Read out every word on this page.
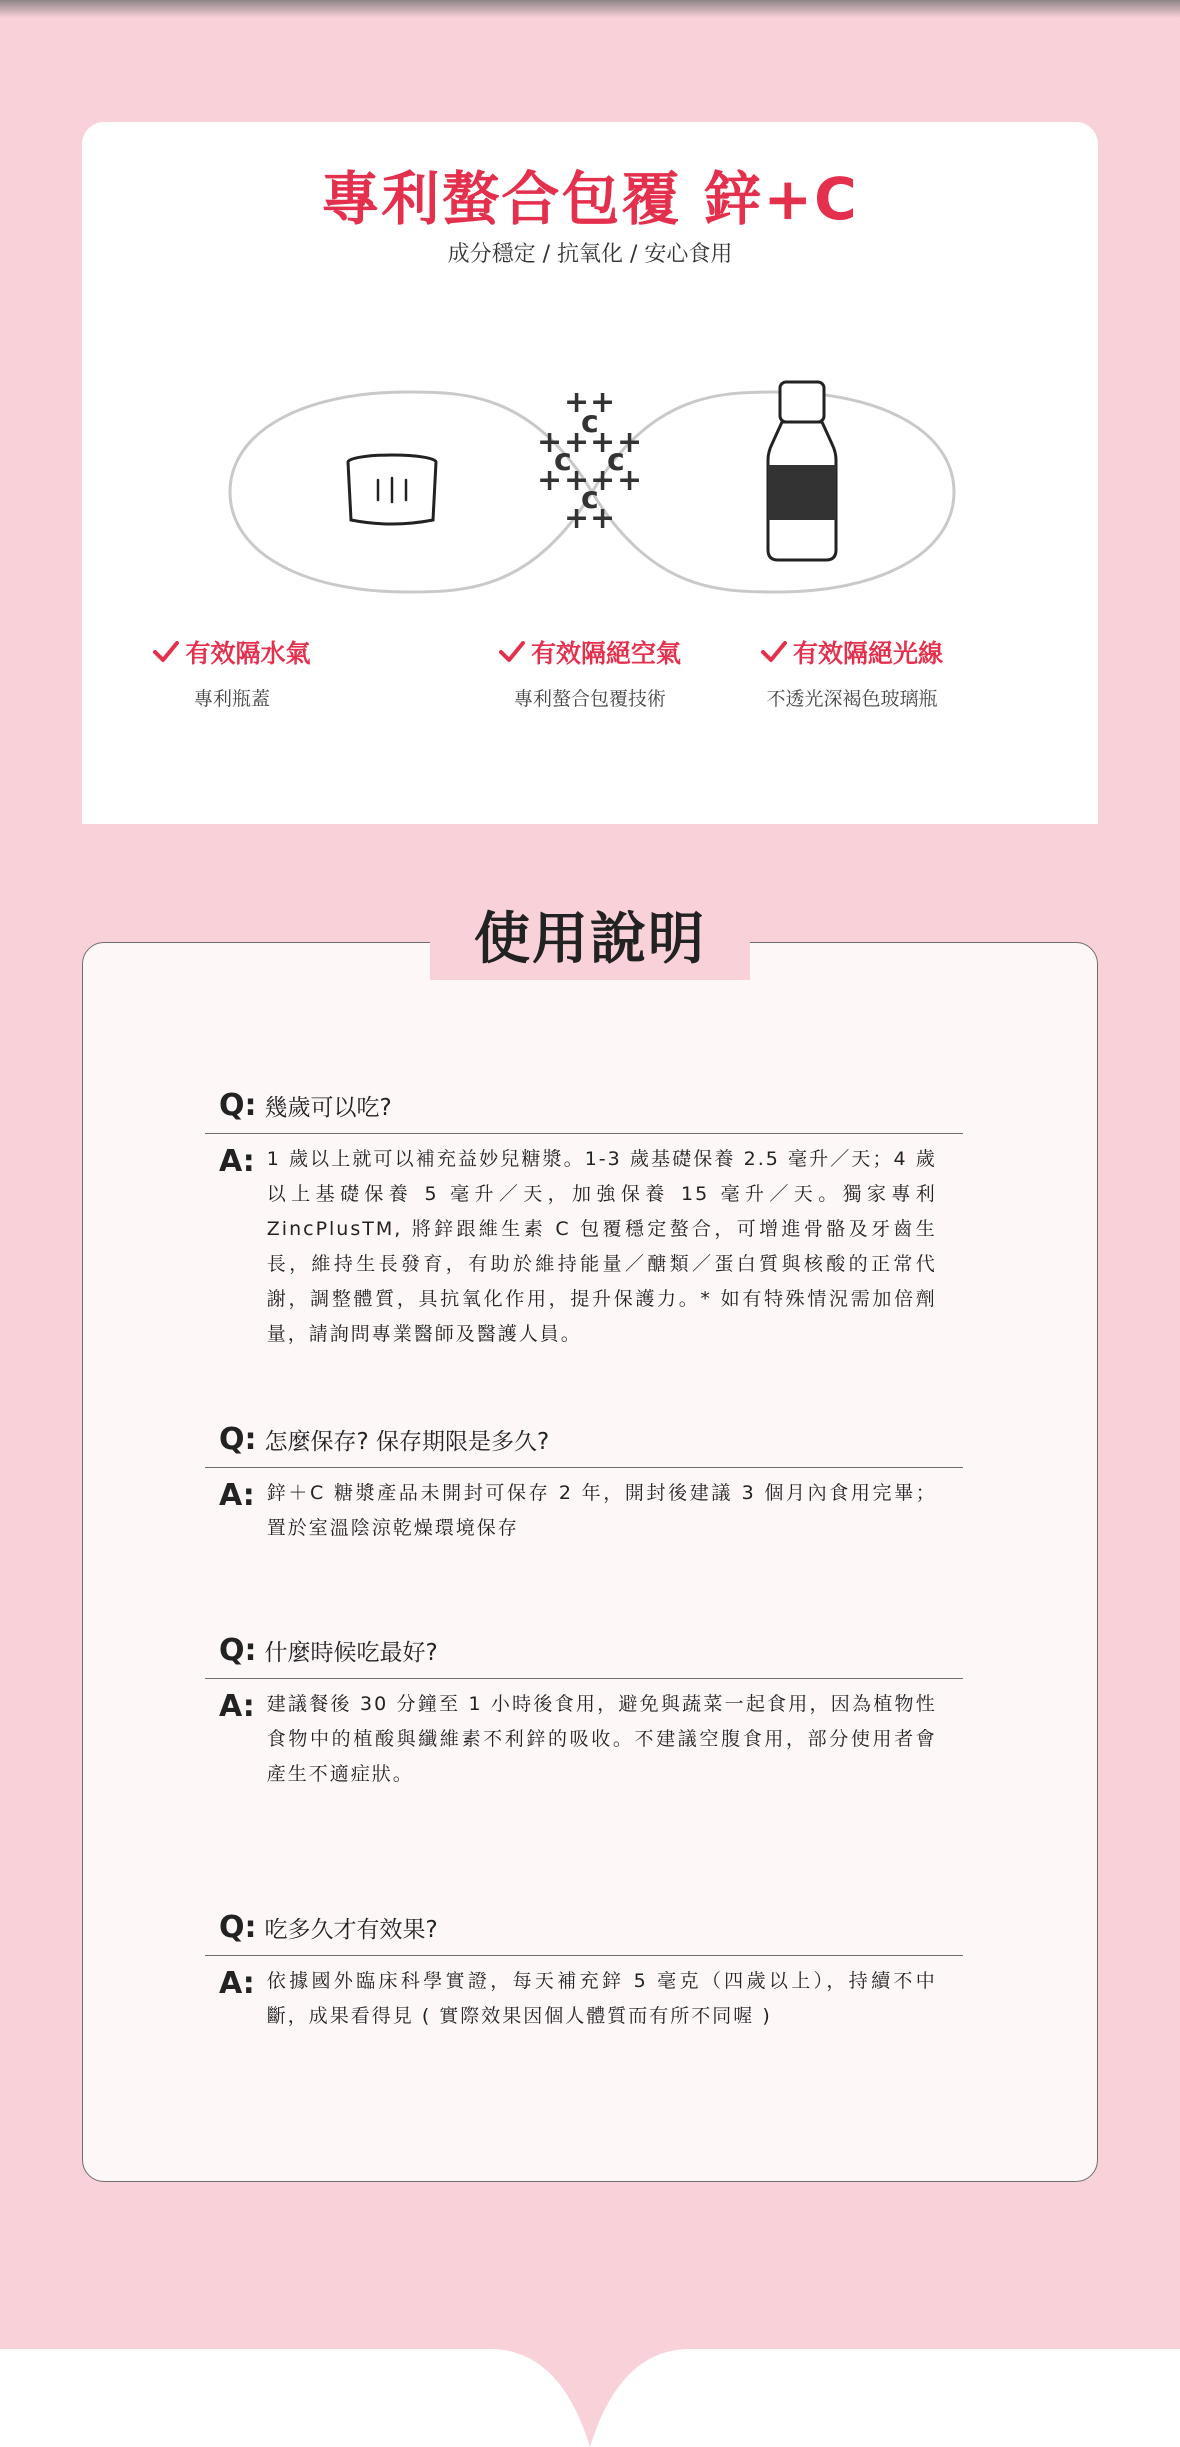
專利螯合包覆 鋅+C
成分穩定 / 抗氧化 / 安心食用
+ +
c
+ + + +
c c
+ + + +
c
+ +
有效隔水氣
專利瓶蓋
有效隔絕空氣
專利螯合包覆技術
有效隔絕光線
不透光深褐色玻璃瓶
使用說明
Q: 幾歲可以吃?
A: 1 歲以上就可以補充益妙兒糖漿。1-3 歲基礎保養 2.5 毫升／天；4 歲以上基礎保養 5 毫升／天，加強保養 15 毫升／天。獨家專利 ZincPlusTM, 將鋅跟維生素 C 包覆穩定螯合，可增進骨骼及牙齒生長，維持生長發育，有助於維持能量／醣類／蛋白質與核酸的正常代謝，調整體質，具抗氧化作用，提升保護力。* 如有特殊情況需加倍劑量，請詢問專業醫師及醫護人員。
Q: 怎麼保存? 保存期限是多久?
A: 鋅＋C 糖漿產品未開封可保存 2 年，開封後建議 3 個月內食用完畢；置於室溫陰涼乾燥環境保存
Q: 什麼時候吃最好?
A: 建議餐後 30 分鐘至 1 小時後食用，避免與蔬菜一起食用，因為植物性食物中的植酸與纖維素不利鋅的吸收。不建議空腹食用，部分使用者會產生不適症狀。
Q: 吃多久才有效果?
A: 依據國外臨床科學實證，每天補充鋅 5 毫克（四歲以上），持續不中斷，成果看得見 ( 實際效果因個人體質而有所不同喔 )
